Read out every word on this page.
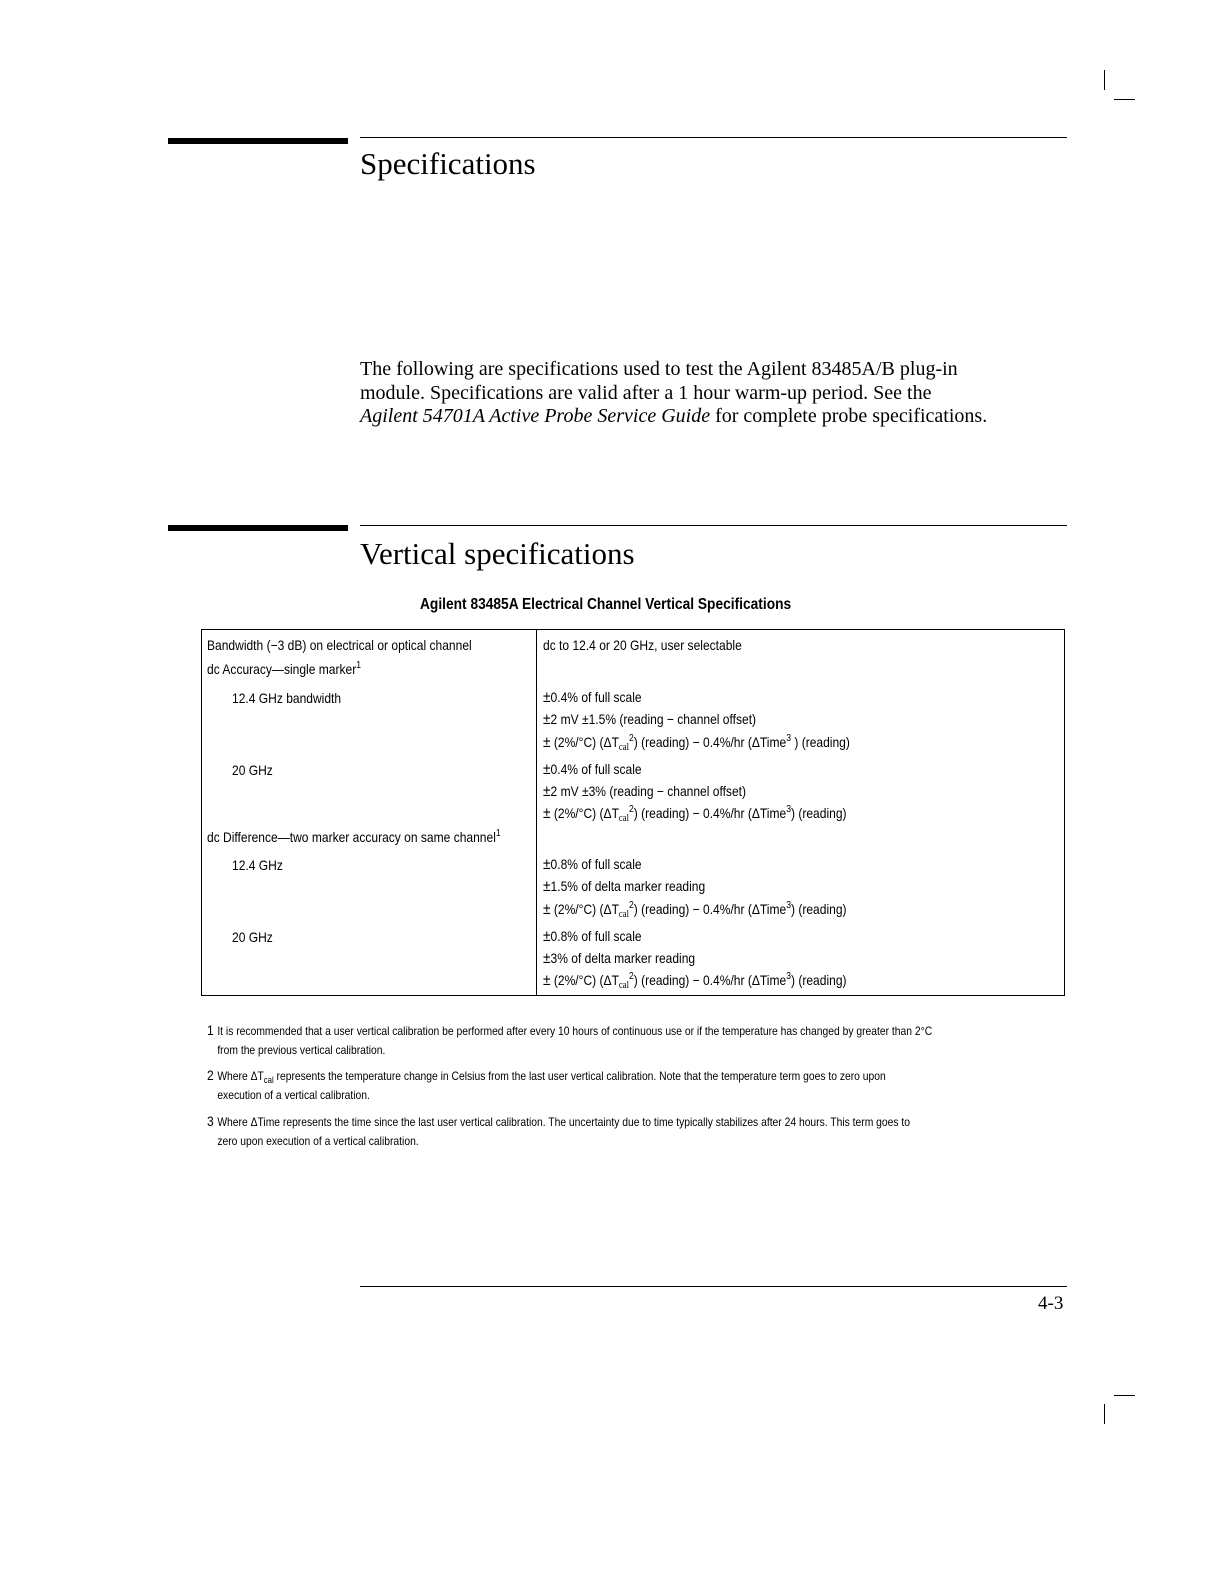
Specifications
The following are specifications used to test the Agilent 83485A/B plug-in
module. Specifications are valid after a 1 hour warm-up period. See the
Agilent 54701A Active Probe Service Guide for complete probe specifications.
Vertical specifications
Agilent 83485A Electrical Channel Vertical Specifications
Bandwidth (−3 dB) on electrical or optical channel
dc Accuracy—single marker$^1$
12.4 GHz bandwidth
20 GHz
dc Difference—two marker accuracy on same channel$^1$
12.4 GHz
20 GHz
dc to 12.4 or 20 GHz, user selectable
±0.4% of full scale
±2 mV ±1.5% (reading − channel offset)
± (2%/°C) $(\Delta T_{cal}^2)$ (reading) − 0.4%/hr (ΔTime$^3$ ) (reading)
±0.4% of full scale
±2 mV ±3% (reading − channel offset)
± (2%/°C) $(\Delta T_{cal}^2)$ (reading) − 0.4%/hr (ΔTime$^3$) (reading)
±0.8% of full scale
±1.5% of delta marker reading
± (2%/°C) $(\Delta T_{cal}^2)$ (reading) − 0.4%/hr (ΔTime$^3$) (reading)
±0.8% of full scale
±3% of delta marker reading
± (2%/°C) $(\Delta T_{cal}^2)$ (reading) − 0.4%/hr (ΔTime$^3$) (reading)
1 It is recommended that a user vertical calibration be performed after every 10 hours of continuous use or if the temperature has changed by greater than 2°C
from the previous vertical calibration.
2 Where $\Delta T_{cal}$ represents the temperature change in Celsius from the last user vertical calibration. Note that the temperature term goes to zero upon
execution of a vertical calibration.
3 Where ΔTime represents the time since the last user vertical calibration. The uncertainty due to time typically stabilizes after 24 hours. This term goes to
zero upon execution of a vertical calibration.
4-3
